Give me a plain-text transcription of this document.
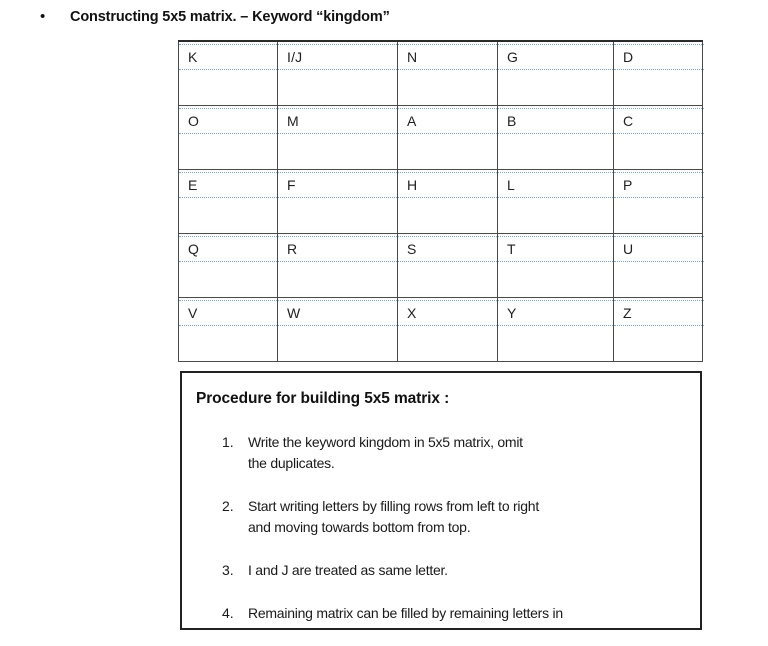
•	Constructing 5x5 matrix. – Keyword “kingdom”
K	I/J	N	G	D

O	M	A	B	C

E	F	H	L	P

Q	R	S	T	U

V	W	X	Y	Z
Procedure for building 5x5 matrix :
1.	Write the keyword kingdom in 5x5 matrix, omit
the duplicates.
2.	Start writing letters by filling rows from left to right
and moving towards bottom from top.
3.	I and J are treated as same letter.
4.	Remaining matrix can be filled by remaining letters in
